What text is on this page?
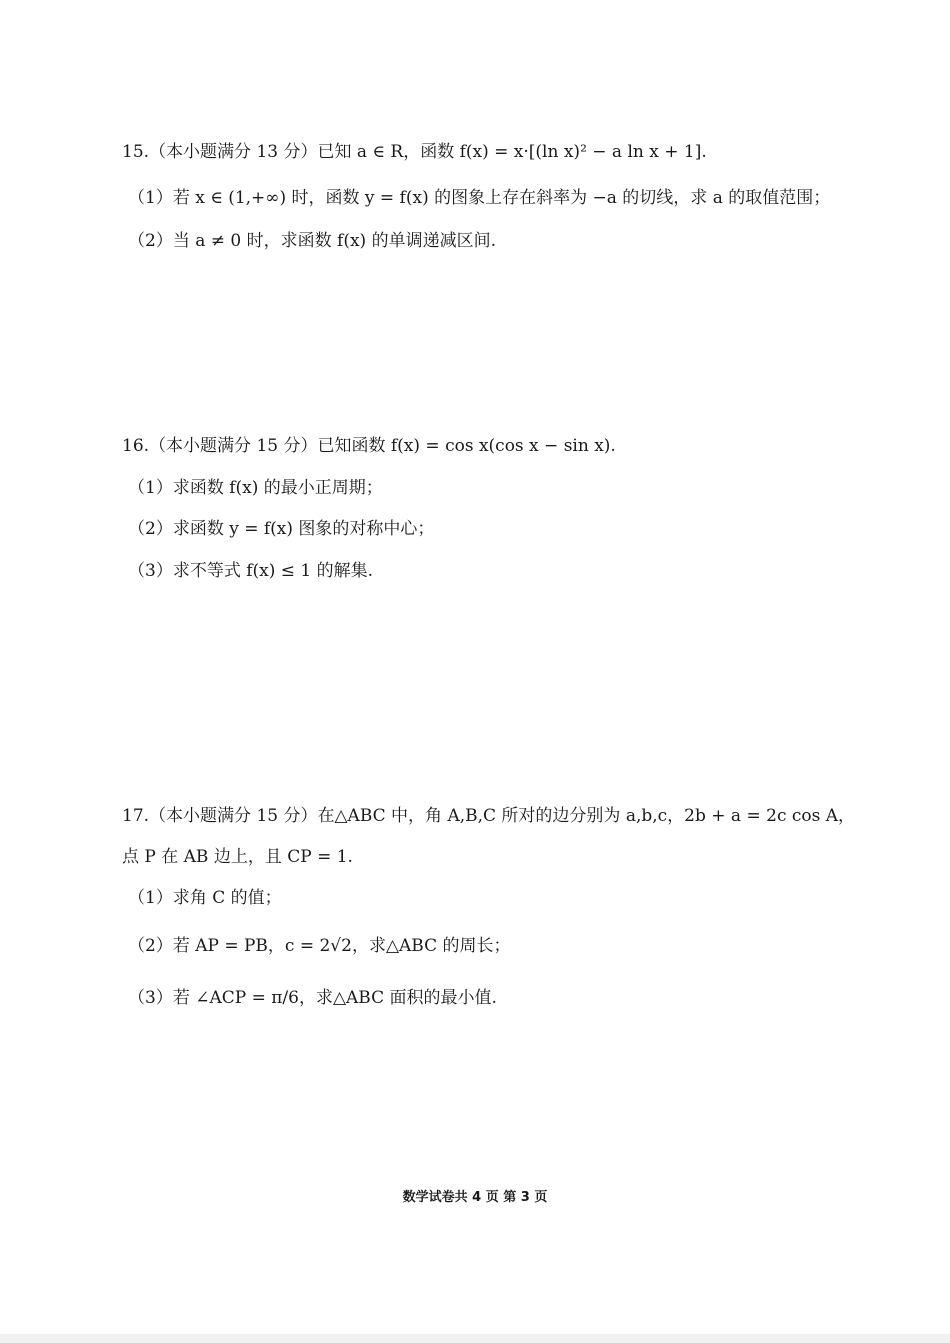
15.（本小题满分 13 分）已知 a ∈ R，函数 f(x) = x·[(ln x)² − a ln x + 1].
（1）若 x ∈ (1,+∞) 时，函数 y = f(x) 的图象上存在斜率为 −a 的切线，求 a 的取值范围；
（2）当 a ≠ 0 时，求函数 f(x) 的单调递减区间.
16.（本小题满分 15 分）已知函数 f(x) = cos x(cos x − sin x).
（1）求函数 f(x) 的最小正周期；
（2）求函数 y = f(x) 图象的对称中心；
（3）求不等式 f(x) ≤ 1 的解集.
17.（本小题满分 15 分）在△ABC 中，角 A,B,C 所对的边分别为 a,b,c，2b + a = 2c cos A，
点 P 在 AB 边上，且 CP = 1.
（1）求角 C 的值；
（2）若 AP = PB，c = 2√2，求△ABC 的周长；
（3）若 ∠ACP = π/6，求△ABC 面积的最小值.
数学试卷共 4 页 第 3 页
